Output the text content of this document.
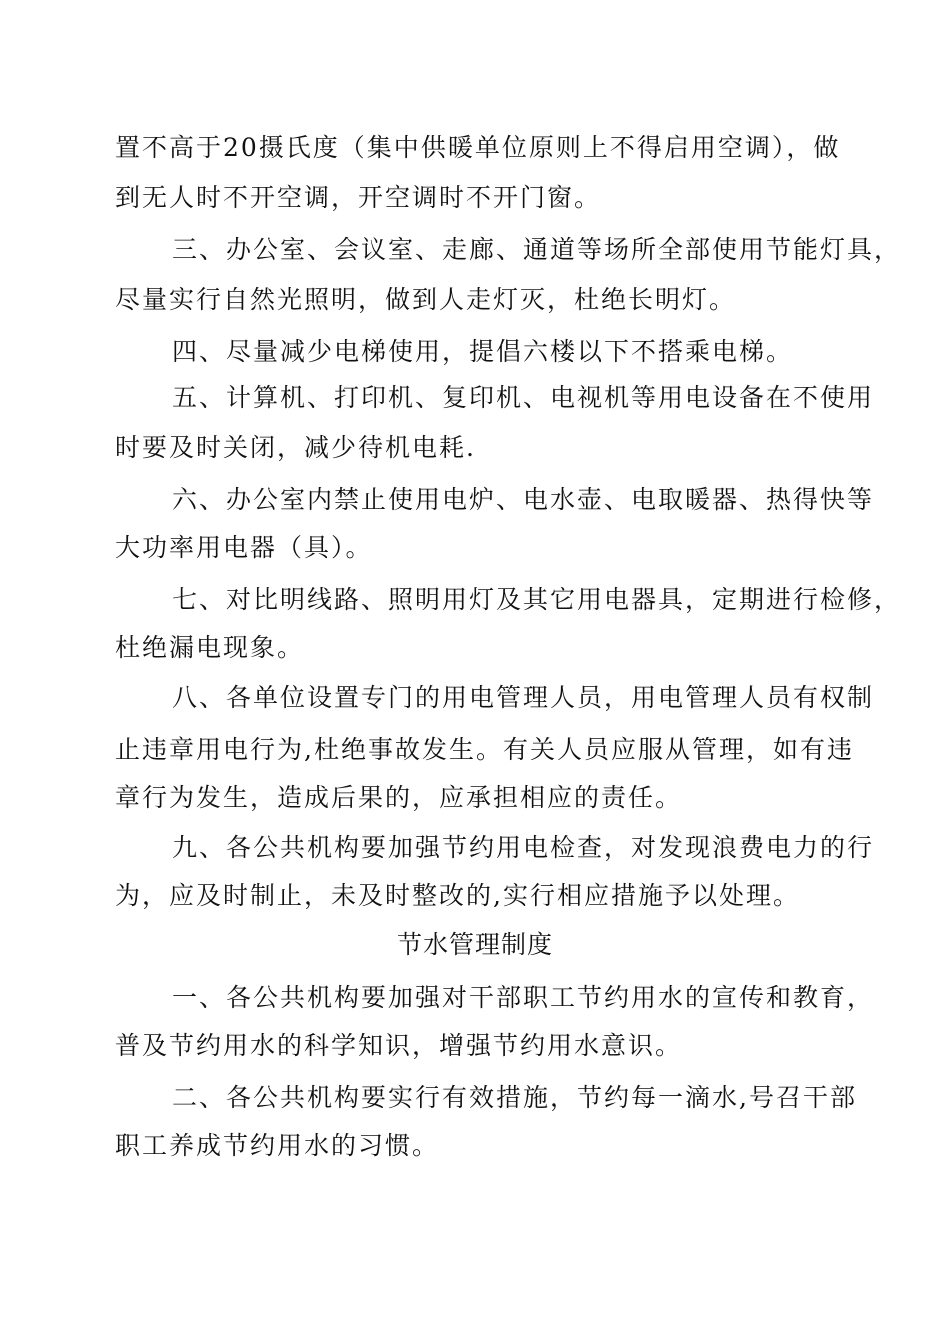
置不高于20摄氏度（集中供暖单位原则上不得启用空调），做
到无人时不开空调，开空调时不开门窗。
三、办公室、会议室、走廊、通道等场所全部使用节能灯具，
尽量实行自然光照明，做到人走灯灭，杜绝长明灯。
四、尽量减少电梯使用，提倡六楼以下不搭乘电梯。
五、计算机、打印机、复印机、电视机等用电设备在不使用
时要及时关闭，减少待机电耗.
六、办公室内禁止使用电炉、电水壶、电取暖器、热得快等
大功率用电器（具）。
七、对比明线路、照明用灯及其它用电器具，定期进行检修，
杜绝漏电现象。
八、各单位设置专门的用电管理人员，用电管理人员有权制
止违章用电行为,杜绝事故发生。有关人员应服从管理，如有违
章行为发生，造成后果的，应承担相应的责任。
九、各公共机构要加强节约用电检查，对发现浪费电力的行
为，应及时制止，未及时整改的,实行相应措施予以处理。
节水管理制度
一、各公共机构要加强对干部职工节约用水的宣传和教育，
普及节约用水的科学知识，增强节约用水意识。
二、各公共机构要实行有效措施，节约每一滴水,号召干部
职工养成节约用水的习惯。
